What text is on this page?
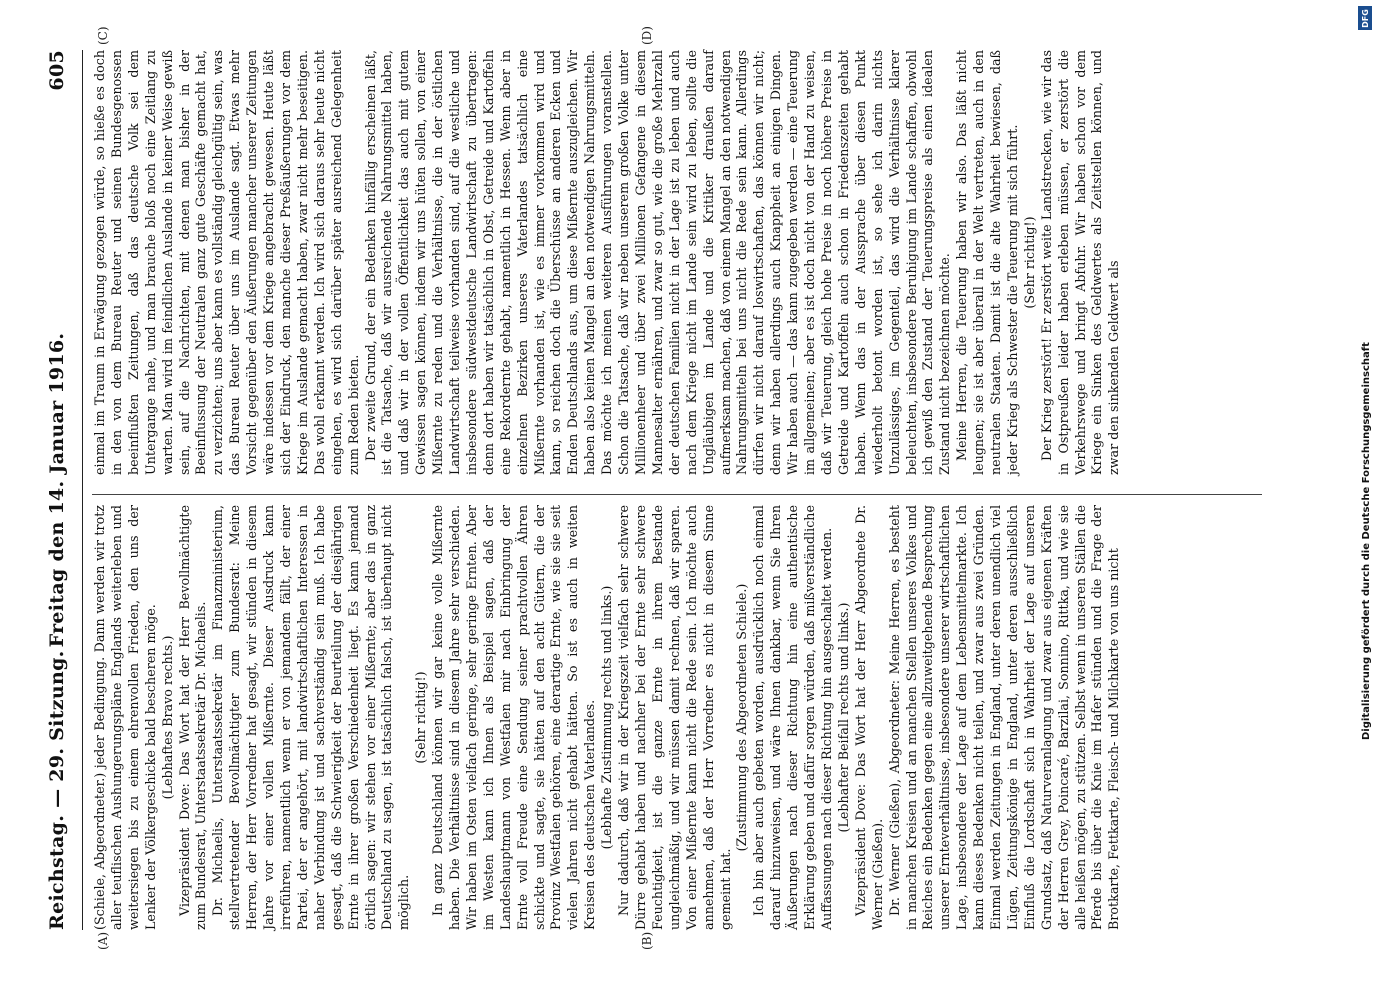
Reichstag. — 29. Sitzung.
Freitag den 14. Januar 1916.
605
(A)	(B)
(C)	(D)

(Schiele, Abgeordneter.) jeder Bedingung. Dann werden wir trotz aller teuflischen Aushungerungspläne Englands weiterleben und weitersiegen bis zu einem ehrenvollen Frieden, den uns der Lenker der Völkergeschicke bald bescheren möge. (Lebhaftes Bravo rechts.) Vizepräsident Dove: Das Wort hat der Herr Bevollmächtigte zum Bundesrat, Unterstaatssekretär Dr. Michaelis. Dr. Michaelis, Unterstaatssekretär im Finanzministerium, stellvertretender Bevollmächtigter zum Bundesrat: Meine Herren, der Herr Vorredner hat gesagt, wir stünden in diesem Jahre vor einer vollen Mißernte. Dieser Ausdruck kann irreführen, namentlich wenn er von jemandem fällt, der einer Partei, der er angehört, mit landwirtschaftlichen Interessen in naher Verbindung ist und sachverständig sein muß. Ich habe gesagt, daß die Schwierigkeit der Beurteilung der diesjährigen Ernte in ihrer großen Verschiedenheit liegt. Es kann jemand örtlich sagen: wir stehen vor einer Mißernte; aber das in ganz Deutschland zu sagen, ist tatsächlich falsch, ist überhaupt nicht möglich.

(Sehr richtig!) In ganz Deutschland können wir gar keine volle Mißernte haben. Die Verhältnisse sind in diesem Jahre sehr verschieden. Wir haben im Osten vielfach geringe, sehr geringe Ernten. Aber im Westen kann ich Ihnen als Beispiel sagen, daß der Landeshauptmann von Westfalen mir nach Einbringung der Ernte voll Freude eine Sendung seiner prachtvollen Ähren schickte und sagte, sie hätten auf den acht Gütern, die der Provinz Westfalen gehören, eine derartige Ernte, wie sie sie seit vielen Jahren nicht gehabt hätten. So ist es auch in weiten Kreisen des deutschen Vaterlandes. (Lebhafte Zustimmung rechts und links.) Nur dadurch, daß wir in der Kriegszeit vielfach sehr schwere Dürre gehabt haben und nachher bei der Ernte sehr schwere Feuchtigkeit, ist die ganze Ernte in ihrem Bestande ungleichmäßig, und wir müssen damit rechnen, daß wir sparen. Von einer Mißernte kann nicht die Rede sein. Ich möchte auch annehmen, daß der Herr Vorredner es nicht in diesem Sinne gemeint hat.

(Zustimmung des Abgeordneten Schiele.) Ich bin aber auch gebeten worden, ausdrücklich noch einmal darauf hinzuweisen, und wäre Ihnen dankbar, wenn Sie Ihren Äußerungen nach dieser Richtung hin eine authentische Erklärung geben und dafür sorgen würden, daß mißverständliche Auffassungen nach dieser Richtung hin ausgeschaltet werden. (Lebhafter Beifall rechts und links.) Vizepräsident Dove: Das Wort hat der Herr Abgeordnete Dr. Werner (Gießen). Dr. Werner (Gießen), Abgeordneter: Meine Herren, es besteht in manchen Kreisen und an manchen Stellen unseres Volkes und Reiches ein Bedenken gegen eine allzuweitgehende Besprechung unserer Ernteverhältnisse, insbesondere unserer wirtschaftlichen Lage, insbesondere der Lage auf dem Lebensmittelmarkte. Ich kann dieses Bedenken nicht teilen, und zwar aus zwei Gründen. Einmal werden Zeitungen in England, unter deren unendlich viel Lügen, Zeitungskönige in England, unter deren ausschließlich Einfluß die Lordschaft sich in Wahrheit der Lage auf unseren Grundsatz, daß Naturveranlagung und zwar aus eigenen Kräften der Herren Grey, Poincaré, Barzilai, Sonnino, Rittka, und wie sie alle heißen mögen, zu stützen. Selbst wenn in unseren Ställen die Pferde bis über die Knie im Hafer stünden und die Frage der Brotkarte, Fettkarte, Fleisch- und Milchkarte von uns nicht

einmal im Traum in Erwägung gezogen würde, so hieße es doch in den von dem Bureau Reuter und seinen Bundesgenossen beeinflußten Zeitungen, daß das deutsche Volk sei dem Untergange nahe, und man brauche bloß noch eine Zeitlang zu warten. Man wird im feindlichen Auslande in keiner Weise gewiß sein, auf die Nachrichten, mit denen man bisher in der Beeinflussung der Neutralen ganz gute Geschäfte gemacht hat, zu verzichten; uns aber kann es vollständig gleichgültig sein, was das Bureau Reuter über uns im Auslande sagt. Etwas mehr Vorsicht gegenüber den Äußerungen mancher unserer Zeitungen wäre indessen vor dem Kriege angebracht gewesen. Heute läßt sich der Eindruck, den manche dieser Preßäußerungen vor dem Kriege im Auslande gemacht haben, zwar nicht mehr beseitigen. Das wohl erkannt werden. Ich wird sich daraus sehr heute nicht eingehen, es wird sich darüber später ausreichend Gelegenheit zum Reden bieten. Der zweite Grund, der ein Bedenken hinfällig erscheinen läßt, ist die Tatsache, daß wir ausreichende Nahrungsmittel haben, und daß wir in der vollen Öffentlichkeit das auch mit gutem Gewissen sagen können, indem wir uns hüten sollen, von einer Mißernte zu reden und die Verhältnisse, die in der östlichen Landwirtschaft teilweise vorhanden sind, auf die westliche und insbesondere südwestdeutsche Landwirtschaft zu übertragen: denn dort haben wir tatsächlich in Obst, Getreide und Kartoffeln eine Rekordernte gehabt, namentlich in Hessen. Wenn aber in einzelnen Bezirken unseres Vaterlandes tatsächlich eine Mißernte vorhanden ist, wie es immer vorkommen wird und kann, so reichen doch die Überschüsse an anderen Ecken und Enden Deutschlands aus, um diese Mißernte auszugleichen. Wir haben also keinen Mangel an den notwendigen Nahrungsmitteln. Das möchte ich meinen weiteren Ausführungen voranstellen. Schon die Tatsache, daß wir neben unserem großen Volke unter Millionenheer und über zwei Millionen Gefangene in diesem Mannesalter ernähren, und zwar so gut, wie die große Mehrzahl der deutschen Familien nicht in der Lage ist zu leben und auch nach dem Kriege nicht im Lande sein wird zu leben, sollte die Ungläubigen im Lande und die Kritiker draußen darauf aufmerksam machen, daß von einem Mangel an den notwendigen Nahrungsmitteln bei uns nicht die Rede sein kann. Allerdings dürfen wir nicht darauf loswirtschaften, das können wir nicht; denn wir haben allerdings auch Knappheit an einigen Dingen. Wir haben auch — das kann zugegeben werden — eine Teuerung im allgemeinen; aber es ist doch nicht von der Hand zu weisen, daß wir Teuerung, gleich hohe Preise in noch höhere Preise in Getreide und Kartoffeln auch schon in Friedenszeiten gehabt haben. Wenn das in der Aussprache über diesen Punkt wiederholt betont worden ist, so sehe ich darin nichts Unzulässiges, im Gegenteil, das wird die Verhältnisse klarer beleuchten, insbesondere Beruhigung im Lande schaffen, obwohl ich gewiß den Zustand der Teuerungspreise als einen idealen Zustand nicht bezeichnen möchte. Meine Herren, die Teuerung haben wir also. Das läßt nicht leugnen; sie ist aber überall in der Welt vertreten, auch in den neutralen Staaten. Damit ist die alte Wahrheit bewiesen, daß jeder Krieg als Schwester die Teuerung mit sich führt. (Sehr richtig!) Der Krieg zerstört! Er zerstört weite Landstrecken, wie wir das in Ostpreußen leider haben erleben müssen, er zerstört die Verkehrswege und bringt Abfuhr. Wir haben schon vor dem Kriege ein Sinken des Geldwertes als Zeitstellen können, und zwar den sinkenden Geldwert als

DFG
Digitalisierung gefördert durch die Deutsche Forschungsgemeinschaft
